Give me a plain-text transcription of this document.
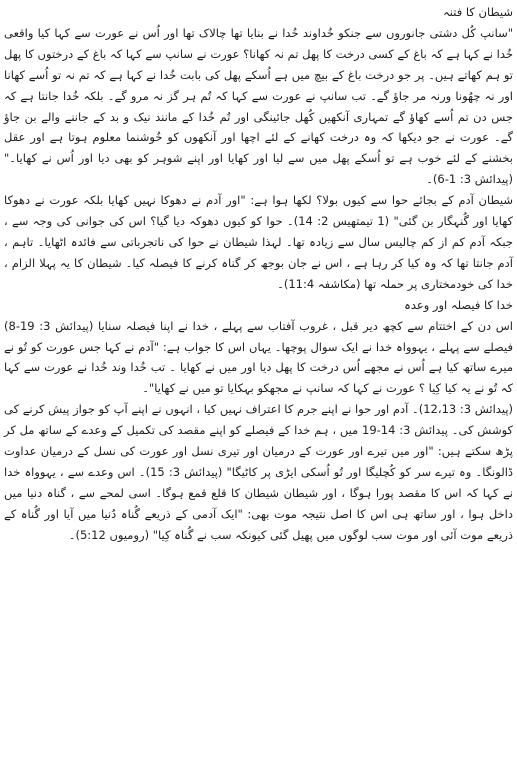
شیطان کا فتنہ

"سانپ کُل دشتی جانوروں سے جنکو خُداوند خُدا نے بنایا تھا چالاک تھا اور اُس نے عورت سے کہا کیا واقعی خُدا نے کہا ہے کہ باغ کے کسی درخت کا پھل تم نہ کھانا؟ عورت نے سانپ سے کہا کہ باغ کے درختوں کا پھل تو ہم کھاتے ہیں۔ پر جو درخت باغ کے بیچ میں ہے اُسکے پھل کی بابت خُدا نے کہا ہے کہ تم نہ تو اُسے کھانا اور نہ چھُونا ورنہ مر جاؤ گے۔ تب سانپ نے عورت سے کہا کہ تُم ہر گز نہ مرو گے۔ بلکہ خُدا جانتا ہے کہ جس دن تم اُسے کھاؤ گے تمہاری آنکھیں کُھل جائینگی اور تُم خُدا کے مانند نیک و بد کے جاننے والے بن جاؤ گے۔ عورت نے جو دیکھا کہ وہ درخت کھانے کے لئے اچھا اور آنکھوں کو خُوشنما معلوم ہوتا ہے اور عقل بخشنے کے لئے خوب ہے تو اُسکے پھل میں سے لیا اور کھایا اور اپنے شوہر کو بھی دیا اور اُس نے کھایا۔" (پیدائش 3: 1-6)۔

شیطان آدم کے بجائے حوا سے کیوں بولا؟ لکھا ہوا ہے: "اور آدم نے دھوکا نہیں کھایا بلکہ عورت نے دھوکا کھایا اور گُنہگار بن گئی" (1 تیمتھیس 2: 14)۔ حوا کو کیوں دھوکہ دیا گیا؟ اس کی جوانی کی وجہ سے ، جبکہ آدم کم از کم چالیس سال سے زیادہ تھا۔ لہذا شیطان نے حوا کی ناتجرباتی سے فائدہ اٹھایا۔ تاہم ، آدم جانتا تھا کہ وہ کیا کر رہا ہے ، اس نے جان بوجھ کر گناہ کرنے کا فیصلہ کیا۔ شیطان کا یہ پہلا الزام ، خدا کی خودمختاری پر حملہ تھا (مکاشفہ 11:4)۔

خدا کا فیصلہ اور وعدہ

اس دن کے اختتام سے کچھ دیر قبل ، غروب آفتاب سے پہلے ، خدا نے اپنا فیصلہ سنایا (پیدائش 3: 19-8) فیصلے سے پہلے ، یہوواہ خدا نے ایک سوال پوچھا۔ یہاں اس کا جواب ہے: "آدم نے کہا جس عورت کو تُو نے میرے ساتھ کیا ہے اُس نے مجھے اُس درخت کا پھل دیا اور میں نے کھایا ۔ تب خُدا وند خُدا نے عورت سے کہا کہ تُو نے یہ کیا کِیا ؟ عورت نے کہا کہ سانپ نے مجھکو بہکایا تو میں نے کھایا"۔

(پیدائش 3: 12،13)۔ آدم اور حوا نے اپنے جرم کا اعتراف نہیں کیا ، انہوں نے اپنے آپ کو جواز پیش کرنے کی کوشش کی۔ پیدائش 3: 14-19 میں ، ہم خدا کے فیصلے کو اپنے مقصد کی تکمیل کے وعدے کے ساتھ مل کر پڑھ سکتے ہیں: "اور میں تیرے اور عورت کے درمیان اور تیری نسل اور عورت کی نسل کے درمیان عداوت ڈالونگا۔ وہ تیرے سر کو کُچلیگا اور تُو اُسکی ایڑی پر کاٹیگا" (پیدائش 3: 15)۔ اس وعدے سے ، یہوواہ خدا نے کہا کہ اس کا مقصد پورا ہوگا ، اور شیطان شیطان کا قلع قمع ہوگا۔ اسی لمحے سے ، گناہ دنیا میں داخل ہوا ، اور ساتھ ہی اس کا اصل نتیجہ موت بھی: "ایک آدمی کے ذریعے گُناہ دُنیا میں آیا اور گُناہ کے ذریعے موت آئی اور موت سب لوگوں میں پھیل گئی کیونکہ سب نے گُناہ کِیا" (رومیوں 5:12)۔
